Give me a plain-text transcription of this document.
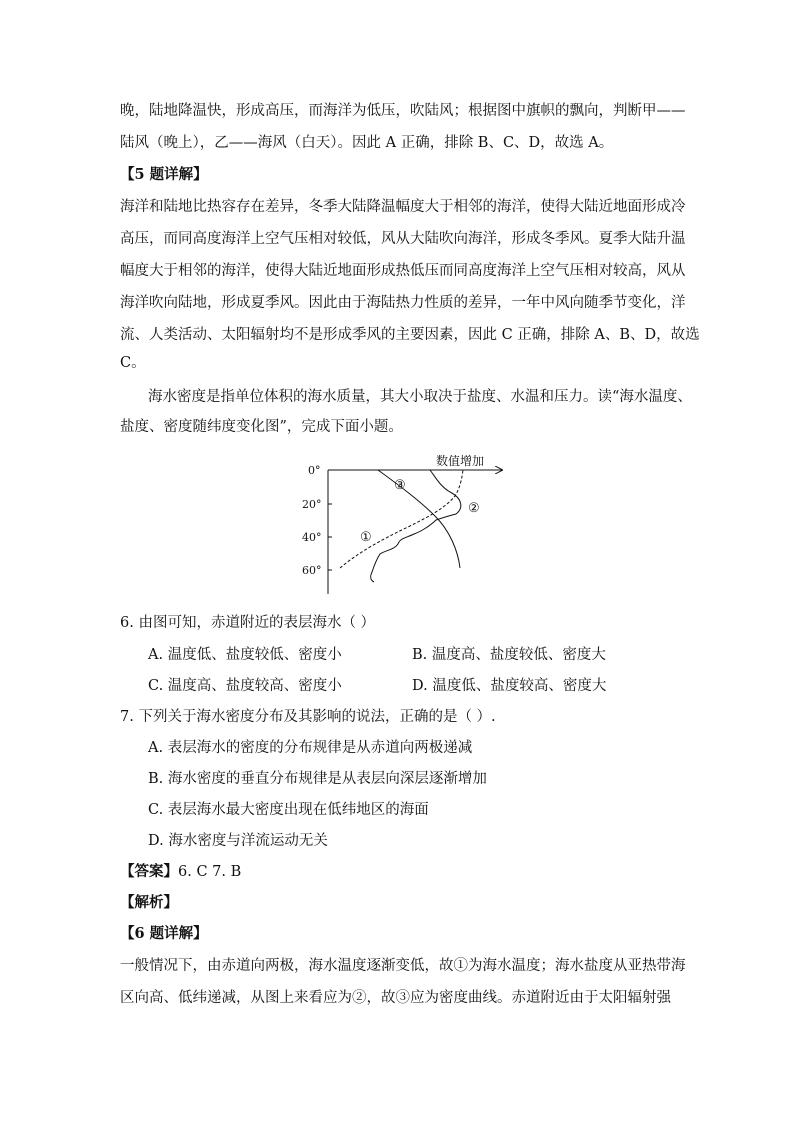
晚，陆地降温快，形成高压，而海洋为低压，吹陆风；根据图中旗帜的飘向，判断甲——
陆风（晚上），乙——海风（白天）。因此 A 正确，排除 B、C、D，故选 A。
【5 题详解】
海洋和陆地比热容存在差异，冬季大陆降温幅度大于相邻的海洋，使得大陆近地面形成冷
高压，而同高度海洋上空气压相对较低，风从大陆吹向海洋，形成冬季风。夏季大陆升温
幅度大于相邻的海洋，使得大陆近地面形成热低压而同高度海洋上空气压相对较高，风从
海洋吹向陆地，形成夏季风。因此由于海陆热力性质的差异，一年中风向随季节变化，洋
流、人类活动、太阳辐射均不是形成季风的主要因素，因此 C 正确，排除 A、B、D，故选
C。
海水密度是指单位体积的海水质量，其大小取决于盐度、水温和压力。读“海水温度、
盐度、密度随纬度变化图”，完成下面小题。
数值增加
0°
20°
40°
60°
①
②
③
6. 由图可知，赤道附近的表层海水（ ）
A. 温度低、盐度较低、密度小	B. 温度高、盐度较低、密度大
C. 温度高、盐度较高、密度小	D. 温度低、盐度较高、密度大
7. 下列关于海水密度分布及其影响的说法，正确的是（ ）.
A. 表层海水的密度的分布规律是从赤道向两极递减
B. 海水密度的垂直分布规律是从表层向深层逐渐增加
C. 表层海水最大密度出现在低纬地区的海面
D. 海水密度与洋流运动无关
【答案】6. C 7. B
【解析】
【6 题详解】
一般情况下，由赤道向两极，海水温度逐渐变低，故①为海水温度；海水盐度从亚热带海
区向高、低纬递减，从图上来看应为②，故③应为密度曲线。赤道附近由于太阳辐射强
